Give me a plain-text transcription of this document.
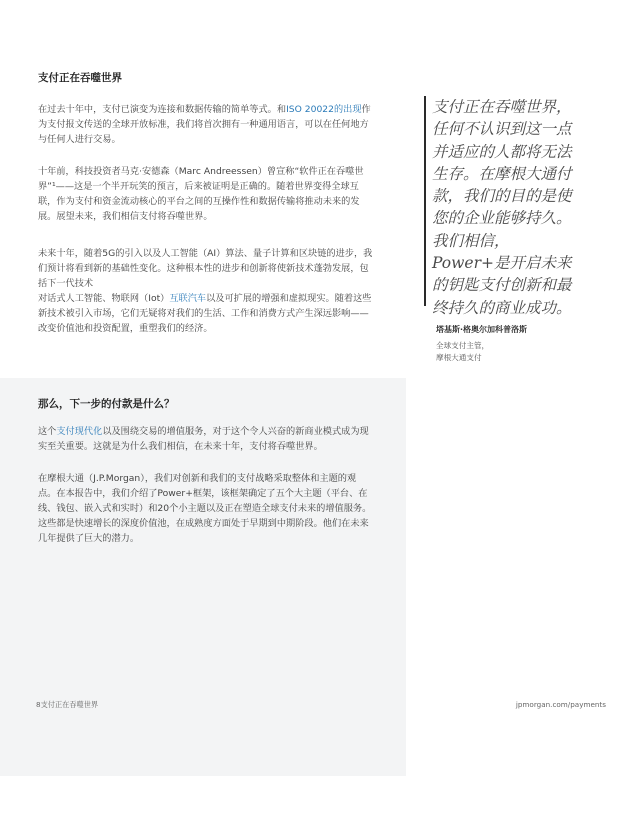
支付正在吞噬世界

在过去十年中，支付已演变为连接和数据传输的简单等式。和ISO 20022的出现作为支付报文传送的全球开放标准，我们将首次拥有一种通用语言，可以在任何地方与任何人进行交易。

十年前，科技投资者马克·安德森（Marc Andreessen）曾宣称“软件正在吞噬世界”¹——这是一个半开玩笑的预言，后来被证明是正确的。随着世界变得全球互联，作为支付和资金流动核心的平台之间的互操作性和数据传输将推动未来的发展。展望未来，我们相信支付将吞噬世界。

未来十年，随着5G的引入以及人工智能（AI）算法、量子计算和区块链的进步，我们预计将看到新的基础性变化。这种根本性的进步和创新将使新技术蓬勃发展，包括下一代技术
对话式人工智能、物联网（Iot）互联汽车以及可扩展的增强和虚拟现实。随着这些新技术被引入市场，它们无疑将对我们的生活、工作和消费方式产生深远影响——改变价值池和投资配置，重塑我们的经济。

支付正在吞噬世界，任何不认识到这一点并适应的人都将无法生存。在摩根大通付款，我们的目的是使您的企业能够持久。我们相信，Power+是开启未来的钥匙支付创新和最终持久的商业成功。

塔基斯·格奥尔加科普洛斯
全球支付主管，
摩根大通支付
那么，下一步的付款是什么？

这个支付现代化以及围绕交易的增值服务，对于这个令人兴奋的新商业模式成为现实至关重要。这就是为什么我们相信，在未来十年，支付将吞噬世界。

在摩根大通（J.P.Morgan），我们对创新和我们的支付战略采取整体和主题的观点。在本报告中，我们介绍了Power+框架，该框架确定了五个大主题（平台、在线、钱包、嵌入式和实时）和20个小主题以及正在塑造全球支付未来的增值服务。这些都是快速增长的深度价值池，在成熟度方面处于早期到中期阶段。他们在未来几年提供了巨大的潜力。

8支付正在吞噬世界	jpmorgan.com/payments
